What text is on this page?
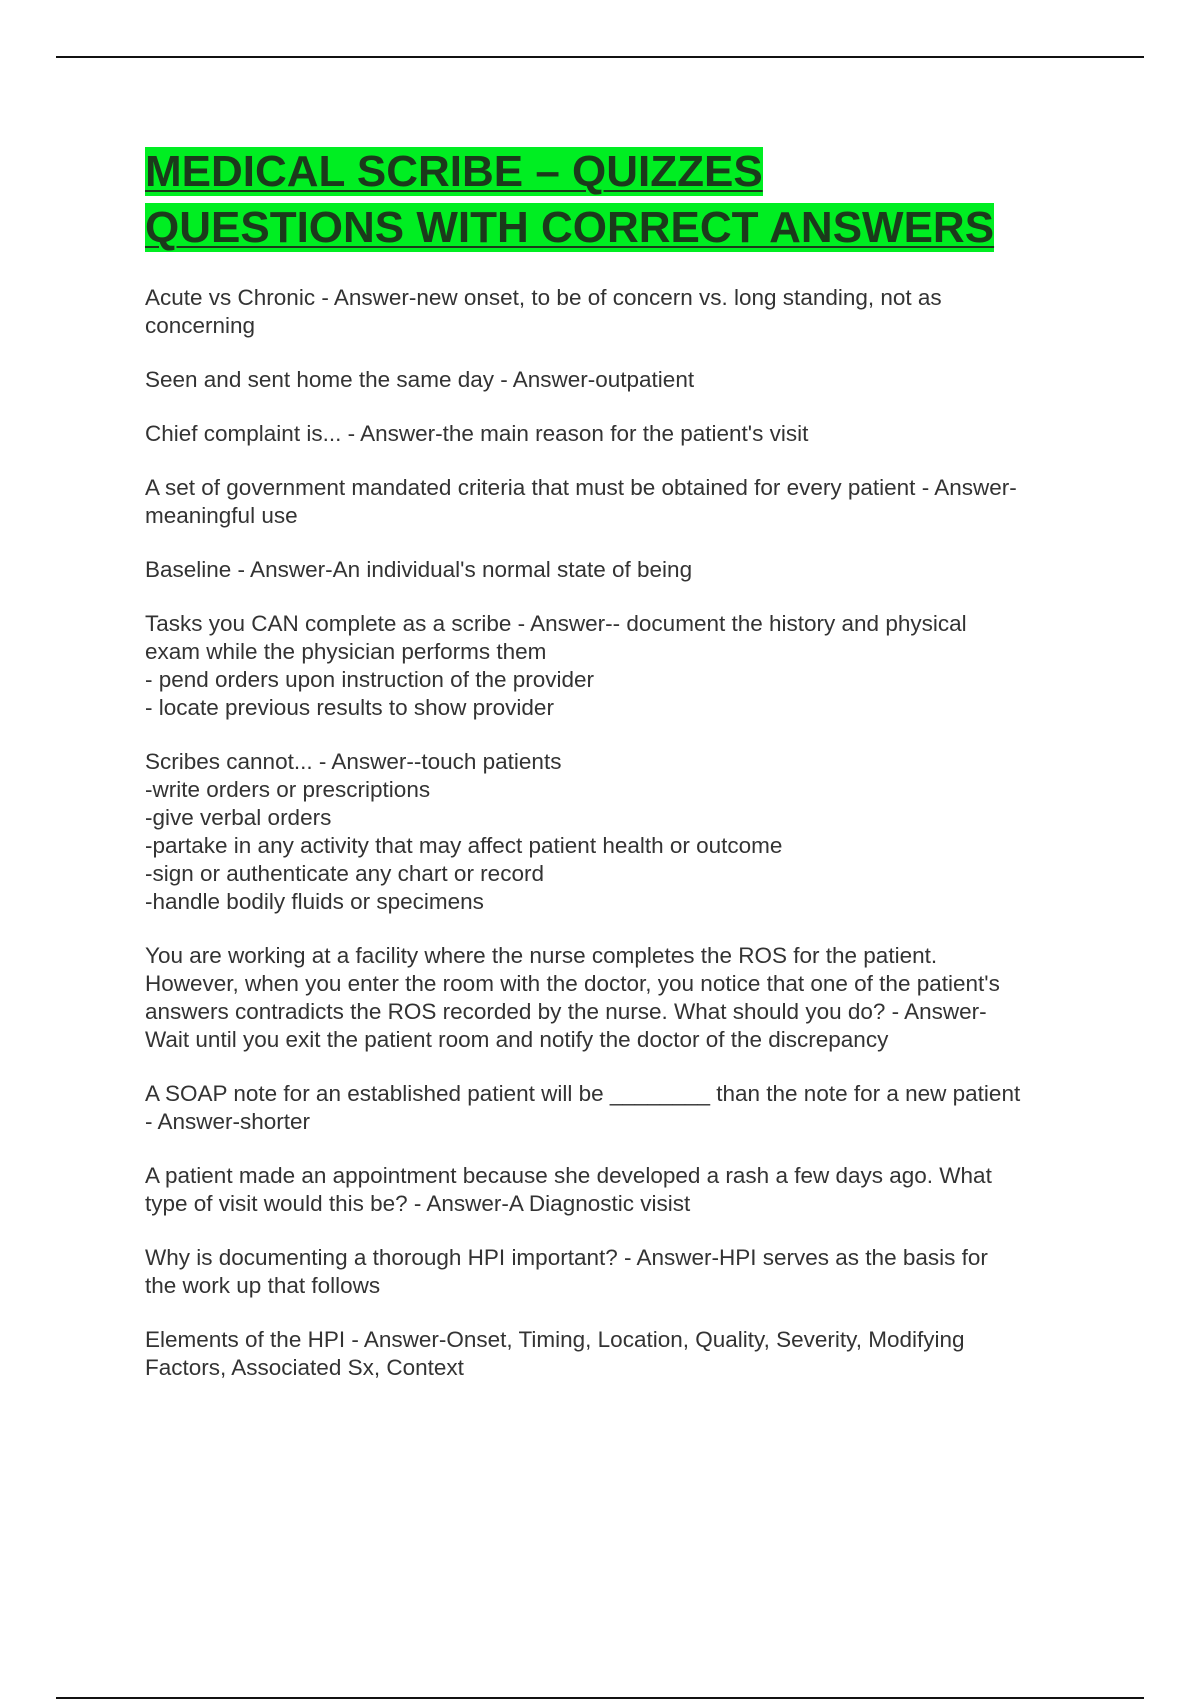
MEDICAL SCRIBE – QUIZZES
QUESTIONS WITH CORRECT ANSWERS

Acute vs Chronic - Answer-new onset, to be of concern vs. long standing, not as
concerning

Seen and sent home the same day - Answer-outpatient

Chief complaint is... - Answer-the main reason for the patient's visit

A set of government mandated criteria that must be obtained for every patient - Answer-
meaningful use

Baseline - Answer-An individual's normal state of being

Tasks you CAN complete as a scribe - Answer-- document the history and physical
exam while the physician performs them
- pend orders upon instruction of the provider
- locate previous results to show provider

Scribes cannot... - Answer--touch patients
-write orders or prescriptions
-give verbal orders
-partake in any activity that may affect patient health or outcome
-sign or authenticate any chart or record
-handle bodily fluids or specimens

You are working at a facility where the nurse completes the ROS for the patient.
However, when you enter the room with the doctor, you notice that one of the patient's
answers contradicts the ROS recorded by the nurse. What should you do? - Answer-
Wait until you exit the patient room and notify the doctor of the discrepancy

A SOAP note for an established patient will be ________ than the note for a new patient
- Answer-shorter

A patient made an appointment because she developed a rash a few days ago. What
type of visit would this be? - Answer-A Diagnostic visist

Why is documenting a thorough HPI important? - Answer-HPI serves as the basis for
the work up that follows

Elements of the HPI - Answer-Onset, Timing, Location, Quality, Severity, Modifying
Factors, Associated Sx, Context
